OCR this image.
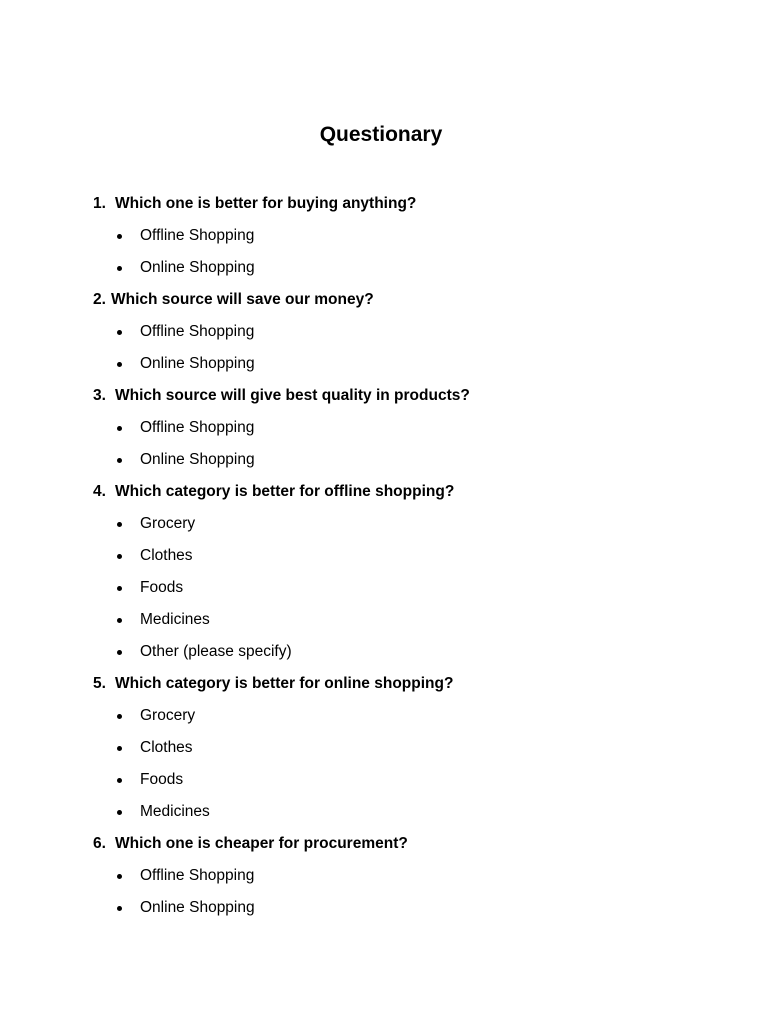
Questionary
1. Which one is better for buying anything?
Offline Shopping
Online Shopping
2. Which source will save our money?
Offline Shopping
Online Shopping
3. Which source will give best quality in products?
Offline Shopping
Online Shopping
4. Which category is better for offline shopping?
Grocery
Clothes
Foods
Medicines
Other (please specify)
5. Which category is better for online shopping?
Grocery
Clothes
Foods
Medicines
6. Which one is cheaper for procurement?
Offline Shopping
Online Shopping
